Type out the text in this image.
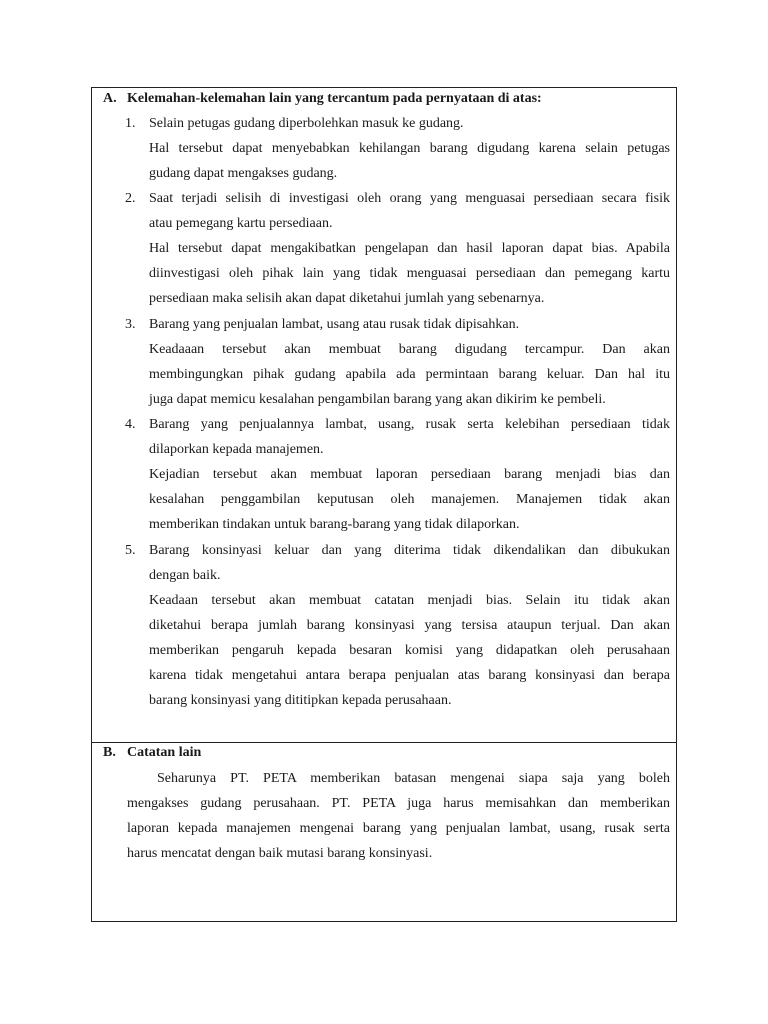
A. Kelemahan-kelemahan lain yang tercantum pada pernyataan di atas:
1. Selain petugas gudang diperbolehkan masuk ke gudang.
Hal tersebut dapat menyebabkan kehilangan barang digudang karena selain petugas
gudang dapat mengakses gudang.
2. Saat terjadi selisih di investigasi oleh orang yang menguasai persediaan secara fisik
atau pemegang kartu persediaan.
Hal tersebut dapat mengakibatkan pengelapan dan hasil laporan dapat bias. Apabila
diinvestigasi oleh pihak lain yang tidak menguasai persediaan dan pemegang kartu
persediaan maka selisih akan dapat diketahui jumlah yang sebenarnya.
3. Barang yang penjualan lambat, usang atau rusak tidak dipisahkan.
Keadaaan tersebut akan membuat barang digudang tercampur. Dan akan
membingungkan pihak gudang apabila ada permintaan barang keluar. Dan hal itu
juga dapat memicu kesalahan pengambilan barang yang akan dikirim ke pembeli.
4. Barang yang penjualannya lambat, usang, rusak serta kelebihan persediaan tidak
dilaporkan kepada manajemen.
Kejadian tersebut akan membuat laporan persediaan barang menjadi bias dan
kesalahan penggambilan keputusan oleh manajemen. Manajemen tidak akan
memberikan tindakan untuk barang-barang yang tidak dilaporkan.
5. Barang konsinyasi keluar dan yang diterima tidak dikendalikan dan dibukukan
dengan baik.
Keadaan tersebut akan membuat catatan menjadi bias. Selain itu tidak akan
diketahui berapa jumlah barang konsinyasi yang tersisa ataupun terjual. Dan akan
memberikan pengaruh kepada besaran komisi yang didapatkan oleh perusahaan
karena tidak mengetahui antara berapa penjualan atas barang konsinyasi dan berapa
barang konsinyasi yang dititipkan kepada perusahaan.
B. Catatan lain
Seharunya PT. PETA memberikan batasan mengenai siapa saja yang boleh
mengakses gudang perusahaan. PT. PETA juga harus memisahkan dan memberikan
laporan kepada manajemen mengenai barang yang penjualan lambat, usang, rusak serta
harus mencatat dengan baik mutasi barang konsinyasi.
